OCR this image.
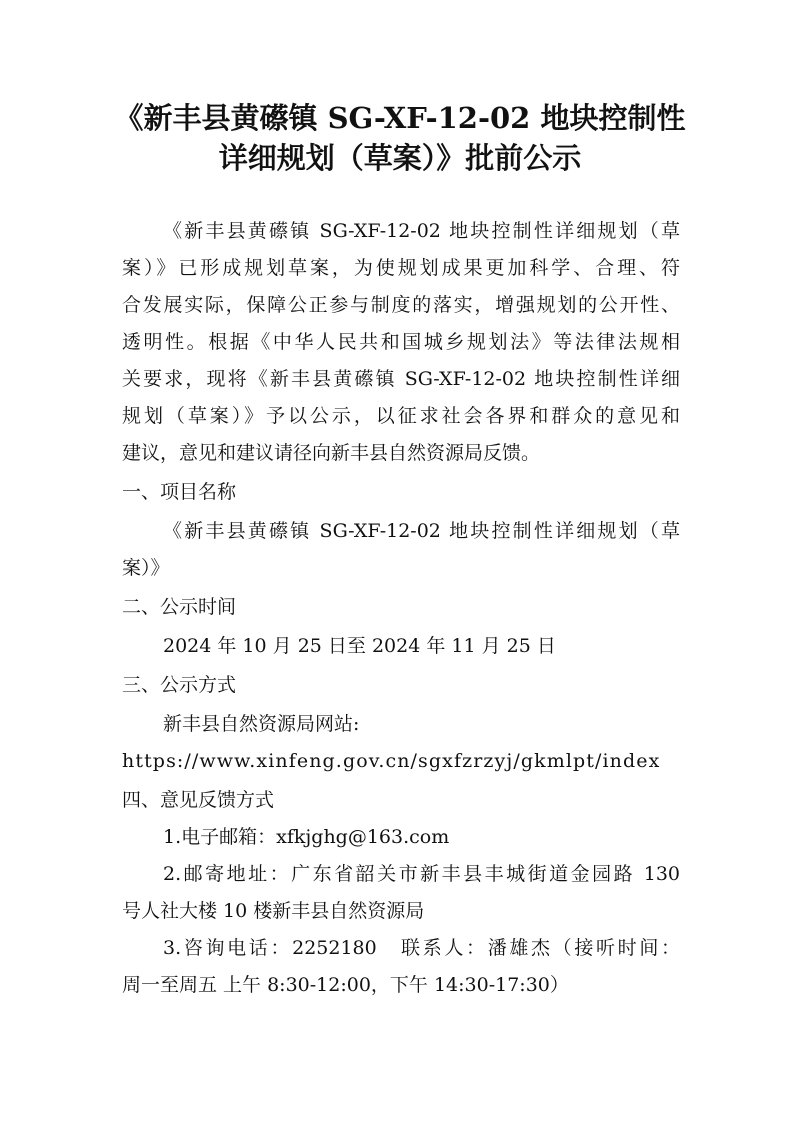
《新丰县黄礤镇 SG-XF-12-02 地块控制性
详细规划（草案）》批前公示

《新丰县黄礤镇 SG-XF-12-02 地块控制性详细规划（草

案）》已形成规划草案，为使规划成果更加科学、合理、符

合发展实际，保障公正参与制度的落实，增强规划的公开性、

透明性。根据《中华人民共和国城乡规划法》等法律法规相

关要求，现将《新丰县黄礤镇 SG-XF-12-02 地块控制性详细

规划（草案）》予以公示，以征求社会各界和群众的意见和

建议，意见和建议请径向新丰县自然资源局反馈。

一、项目名称

《新丰县黄礤镇 SG-XF-12-02 地块控制性详细规划（草

案）》

二、公示时间

2024 年 10 月 25 日至 2024 年 11 月 25 日

三、公示方式

新丰县自然资源局网站:

https://www.xinfeng.gov.cn/sgxfzrzyj/gkmlpt/index

四、意见反馈方式

1.电子邮箱：xfkjghg@163.com

2.邮寄地址：广东省韶关市新丰县丰城街道金园路 130

号人社大楼 10 楼新丰县自然资源局

3.咨询电话：2252180　联系人：潘雄杰（接听时间：

周一至周五 上午 8:30-12:00，下午 14:30-17:30）
